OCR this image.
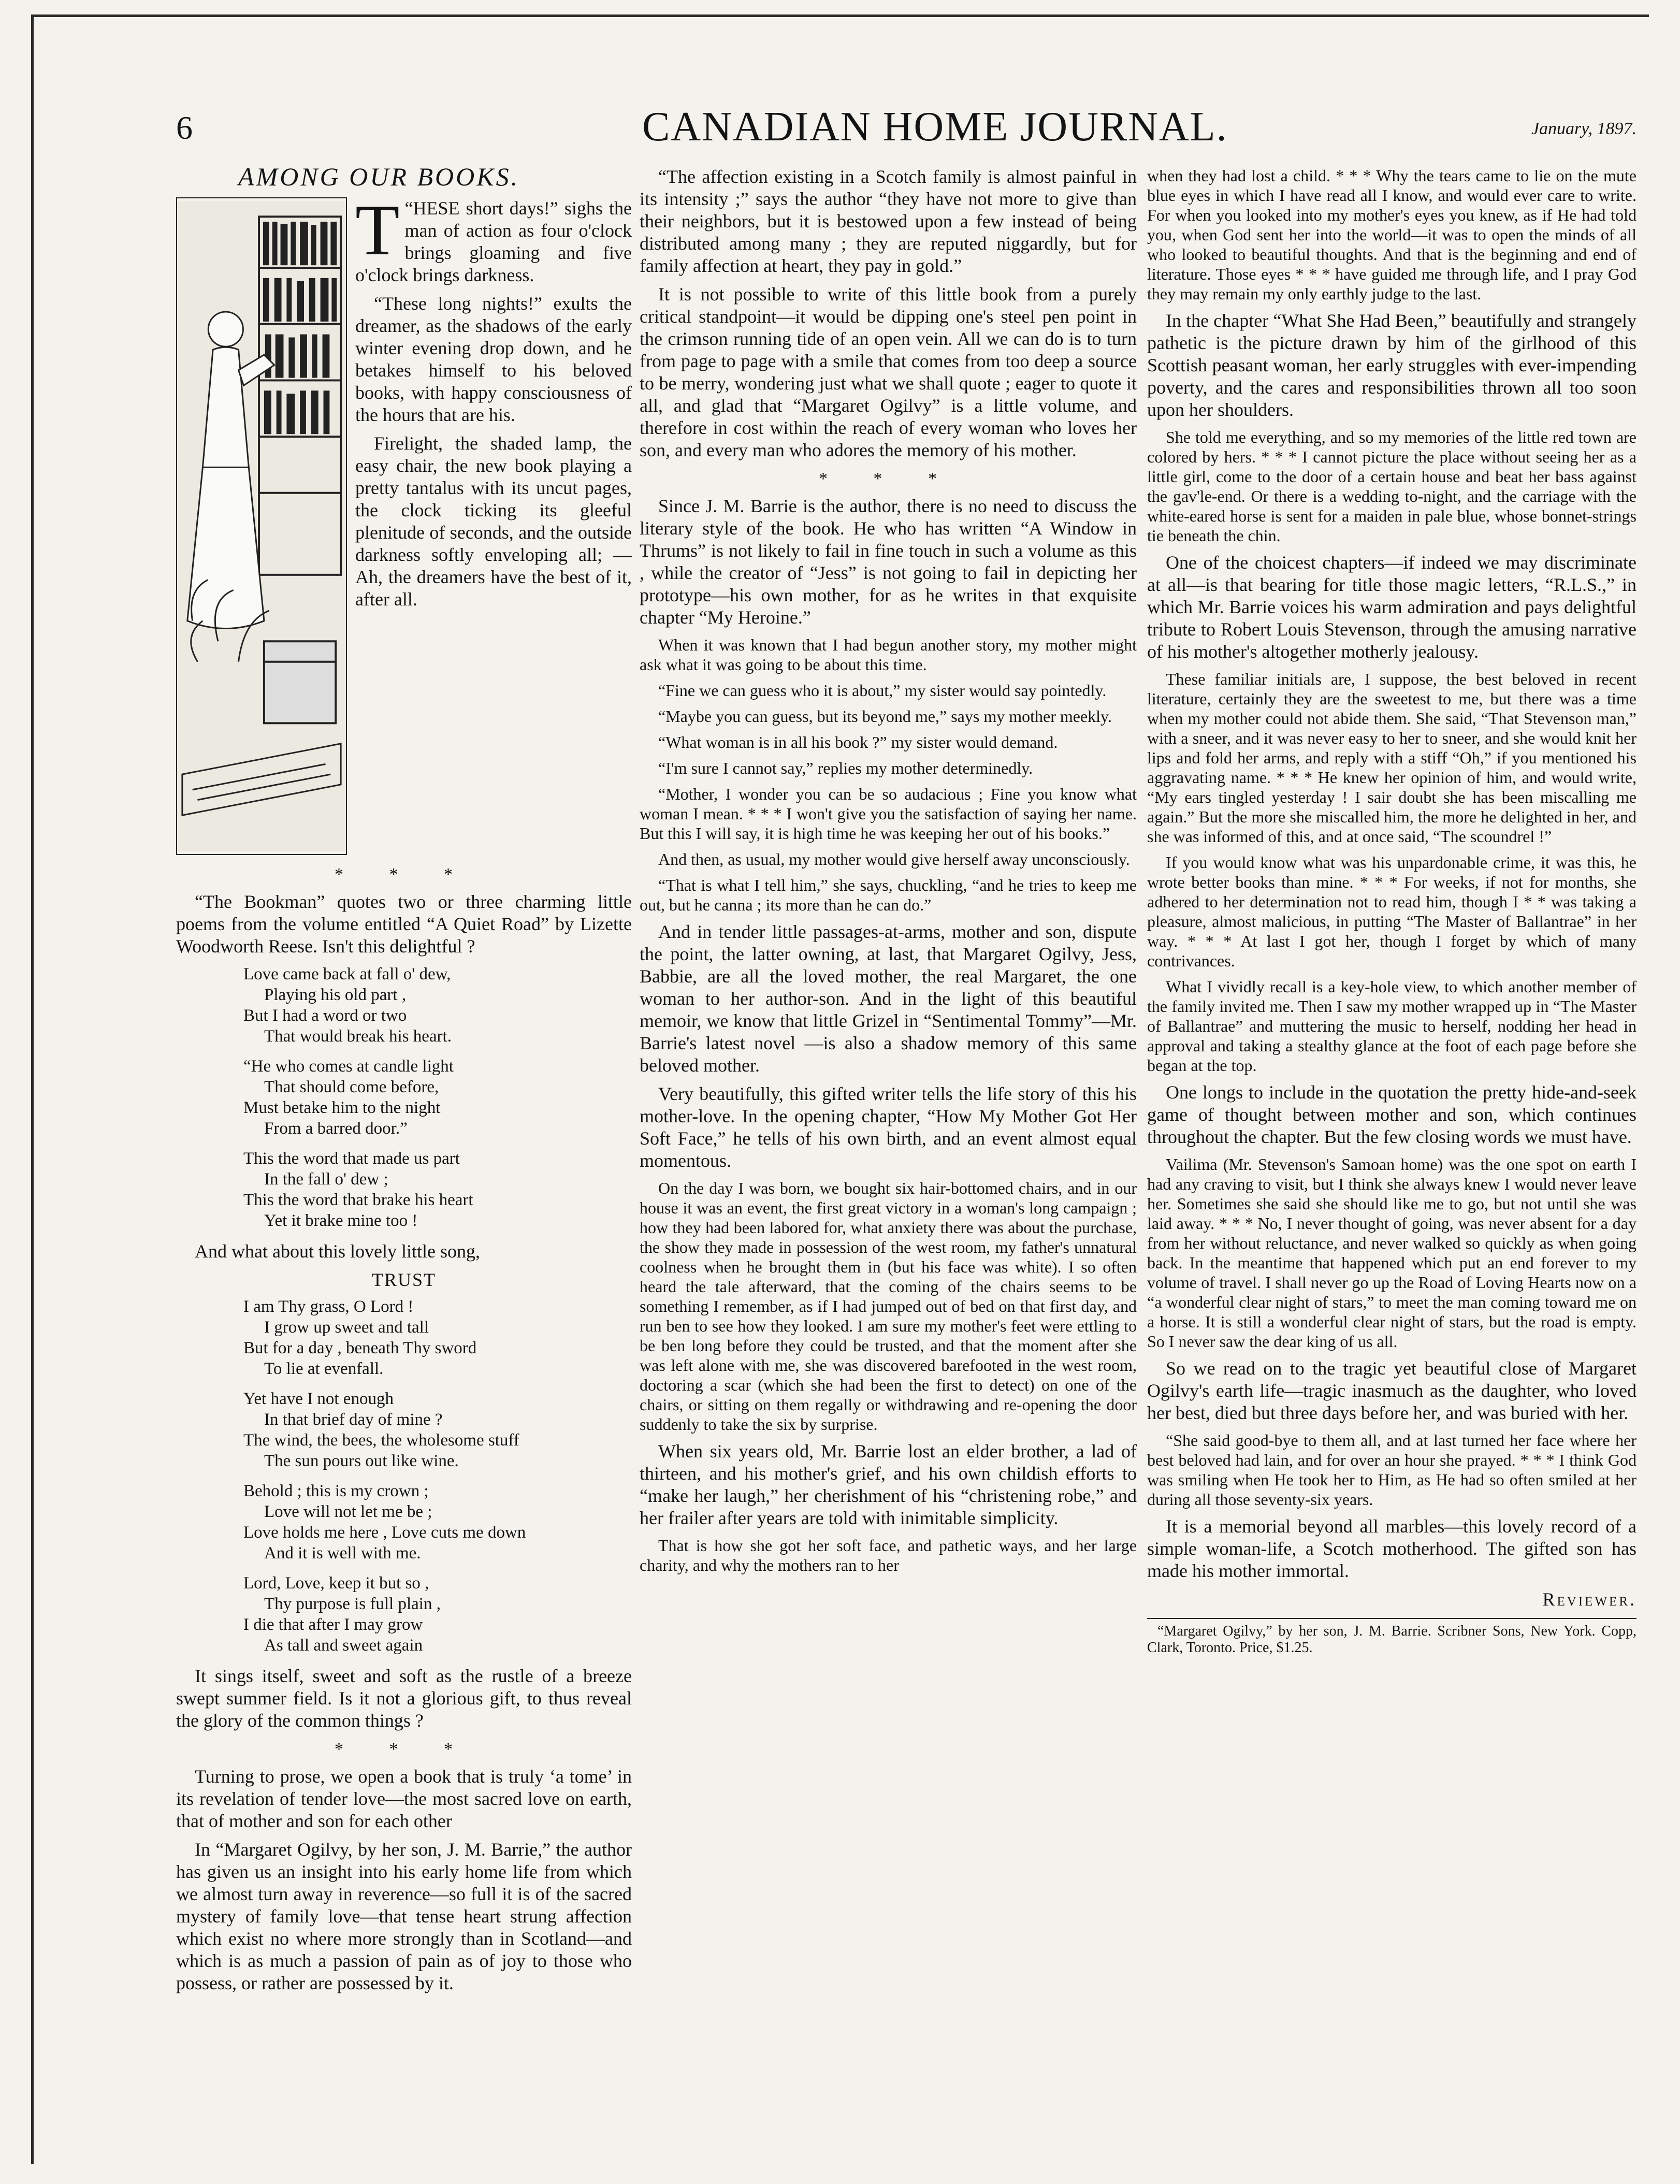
6	CANADIAN HOME JOURNAL.	January, 1897.
AMONG OUR BOOKS.

T “HESE short days!” sighs the man of action as four o'clock brings gloaming and five o'clock brings darkness.

“These long nights!” exults the dreamer, as the shadows of the early winter evening drop down, and he betakes himself to his beloved books, with happy consciousness of the hours that are his.

Firelight, the shaded lamp, the easy chair, the new book playing a pretty tantalus with its uncut pages, the clock ticking its gleeful plenitude of seconds, and the outside darkness softly enveloping all; —Ah, the dreamers have the best of it, after all.

* * *

“The Bookman” quotes two or three charming little poems from the volume entitled “A Quiet Road” by Lizette Woodworth Reese. Isn't this delightful ?

Love came back at fall o' dew,
Playing his old part ,
But I had a word or two
That would break his heart.
“He who comes at candle light
That should come before,
Must betake him to the night
From a barred door.”
This the word that made us part
In the fall o' dew ;
This the word that brake his heart
Yet it brake mine too !

And what about this lovely little song,

TRUST
I am Thy grass, O Lord !
I grow up sweet and tall
But for a day , beneath Thy sword
To lie at evenfall.
Yet have I not enough
In that brief day of mine ?
The wind, the bees, the wholesome stuff
The sun pours out like wine.
Behold ; this is my crown ;
Love will not let me be ;
Love holds me here , Love cuts me down
And it is well with me.
Lord, Love, keep it but so ,
Thy purpose is full plain ,
I die that after I may grow
As tall and sweet again

It sings itself, sweet and soft as the rustle of a breeze swept summer field. Is it not a glorious gift, to thus reveal the glory of the common things ?

* * *

Turning to prose, we open a book that is truly ‘a tome’ in its revelation of tender love—the most sacred love on earth, that of mother and son for each other

In “Margaret Ogilvy, by her son, J. M. Barrie,” the author has given us an insight into his early home life from which we almost turn away in reverence—so full it is of the sacred mystery of family love—that tense heart strung affection which exist no where more strongly than in Scotland—and which is as much a passion of pain as of joy to those who possess, or rather are possessed by it.

“The affection existing in a Scotch family is almost painful in its intensity ;” says the author “they have not more to give than their neighbors, but it is bestowed upon a few instead of being distributed among many ; they are reputed niggardly, but for family affection at heart, they pay in gold.”

It is not possible to write of this little book from a purely critical standpoint—it would be dipping one's steel pen point in the crimson running tide of an open vein. All we can do is to turn from page to page with a smile that comes from too deep a source to be merry, wondering just what we shall quote ; eager to quote it all, and glad that “Margaret Ogilvy” is a little volume, and therefore in cost within the reach of every woman who loves her son, and every man who adores the memory of his mother.

* * *

Since J. M. Barrie is the author, there is no need to discuss the literary style of the book. He who has written “A Window in Thrums” is not likely to fail in fine touch in such a volume as this , while the creator of “Jess” is not going to fail in depicting her prototype—his own mother, for as he writes in that exquisite chapter “My Heroine.”

When it was known that I had begun another story, my mother might ask what it was going to be about this time.

“Fine we can guess who it is about,” my sister would say pointedly.

“Maybe you can guess, but its beyond me,” says my mother meekly.

“What woman is in all his book ?” my sister would demand.

“I'm sure I cannot say,” replies my mother determinedly.

“Mother, I wonder you can be so audacious ; Fine you know what woman I mean. * * * I won't give you the satisfaction of saying her name. But this I will say, it is high time he was keeping her out of his books.”

And then, as usual, my mother would give herself away unconsciously.

“That is what I tell him,” she says, chuckling, “and he tries to keep me out, but he canna ; its more than he can do.”

And in tender little passages-at-arms, mother and son, dispute the point, the latter owning, at last, that Margaret Ogilvy, Jess, Babbie, are all the loved mother, the real Margaret, the one woman to her author-son. And in the light of this beautiful memoir, we know that little Grizel in “Sentimental Tommy”—Mr. Barrie's latest novel —is also a shadow memory of this same beloved mother.

Very beautifully, this gifted writer tells the life story of this his mother-love. In the opening chapter, “How My Mother Got Her Soft Face,” he tells of his own birth, and an event almost equal momentous.

On the day I was born, we bought six hair-bottomed chairs, and in our house it was an event, the first great victory in a woman's long campaign ; how they had been labored for, what anxiety there was about the purchase, the show they made in possession of the west room, my father's unnatural coolness when he brought them in (but his face was white). I so often heard the tale afterward, that the coming of the chairs seems to be something I remember, as if I had jumped out of bed on that first day, and run ben to see how they looked. I am sure my mother's feet were ettling to be ben long before they could be trusted, and that the moment after she was left alone with me, she was discovered barefooted in the west room, doctoring a scar (which she had been the first to detect) on one of the chairs, or sitting on them regally or withdrawing and re-opening the door suddenly to take the six by surprise.

When six years old, Mr. Barrie lost an elder brother, a lad of thirteen, and his mother's grief, and his own childish efforts to “make her laugh,” her cherishment of his “christening robe,” and her frailer after years are told with inimitable simplicity.

That is how she got her soft face, and pathetic ways, and her large charity, and why the mothers ran to her

when they had lost a child. * * * Why the tears came to lie on the mute blue eyes in which I have read all I know, and would ever care to write. For when you looked into my mother's eyes you knew, as if He had told you, when God sent her into the world—it was to open the minds of all who looked to beautiful thoughts. And that is the beginning and end of literature. Those eyes * * * have guided me through life, and I pray God they may remain my only earthly judge to the last.

In the chapter “What She Had Been,” beautifully and strangely pathetic is the picture drawn by him of the girlhood of this Scottish peasant woman, her early struggles with ever-impending poverty, and the cares and responsibilities thrown all too soon upon her shoulders.

She told me everything, and so my memories of the little red town are colored by hers. * * * I cannot picture the place without seeing her as a little girl, come to the door of a certain house and beat her bass against the gav'le-end. Or there is a wedding to-night, and the carriage with the white-eared horse is sent for a maiden in pale blue, whose bonnet-strings tie beneath the chin.

One of the choicest chapters—if indeed we may discriminate at all—is that bearing for title those magic letters, “R.L.S.,” in which Mr. Barrie voices his warm admiration and pays delightful tribute to Robert Louis Stevenson, through the amusing narrative of his mother's altogether motherly jealousy.

These familiar initials are, I suppose, the best beloved in recent literature, certainly they are the sweetest to me, but there was a time when my mother could not abide them. She said, “That Stevenson man,” with a sneer, and it was never easy to her to sneer, and she would knit her lips and fold her arms, and reply with a stiff “Oh,” if you mentioned his aggravating name. * * * He knew her opinion of him, and would write, “My ears tingled yesterday ! I sair doubt she has been miscalling me again.” But the more she miscalled him, the more he delighted in her, and she was informed of this, and at once said, “The scoundrel !”

If you would know what was his unpardonable crime, it was this, he wrote better books than mine. * * * For weeks, if not for months, she adhered to her determination not to read him, though I * * was taking a pleasure, almost malicious, in putting “The Master of Ballantrae” in her way. * * * At last I got her, though I forget by which of many contrivances.

What I vividly recall is a key-hole view, to which another member of the family invited me. Then I saw my mother wrapped up in “The Master of Ballantrae” and muttering the music to herself, nodding her head in approval and taking a stealthy glance at the foot of each page before she began at the top.

One longs to include in the quotation the pretty hide-and-seek game of thought between mother and son, which continues throughout the chapter. But the few closing words we must have.

Vailima (Mr. Stevenson's Samoan home) was the one spot on earth I had any craving to visit, but I think she always knew I would never leave her. Sometimes she said she should like me to go, but not until she was laid away. * * * No, I never thought of going, was never absent for a day from her without reluctance, and never walked so quickly as when going back. In the meantime that happened which put an end forever to my volume of travel. I shall never go up the Road of Loving Hearts now on a “a wonderful clear night of stars,” to meet the man coming toward me on a horse. It is still a wonderful clear night of stars, but the road is empty. So I never saw the dear king of us all.

So we read on to the tragic yet beautiful close of Margaret Ogilvy's earth life—tragic inasmuch as the daughter, who loved her best, died but three days before her, and was buried with her.

“She said good-bye to them all, and at last turned her face where her best beloved had lain, and for over an hour she prayed. * * * I think God was smiling when He took her to Him, as He had so often smiled at her during all those seventy-six years.

It is a memorial beyond all marbles—this lovely record of a simple woman-life, a Scotch motherhood. The gifted son has made his mother immortal.

Reviewer.
“Margaret Ogilvy,” by her son, J. M. Barrie. Scribner Sons, New York. Copp, Clark, Toronto. Price, $1.25.
